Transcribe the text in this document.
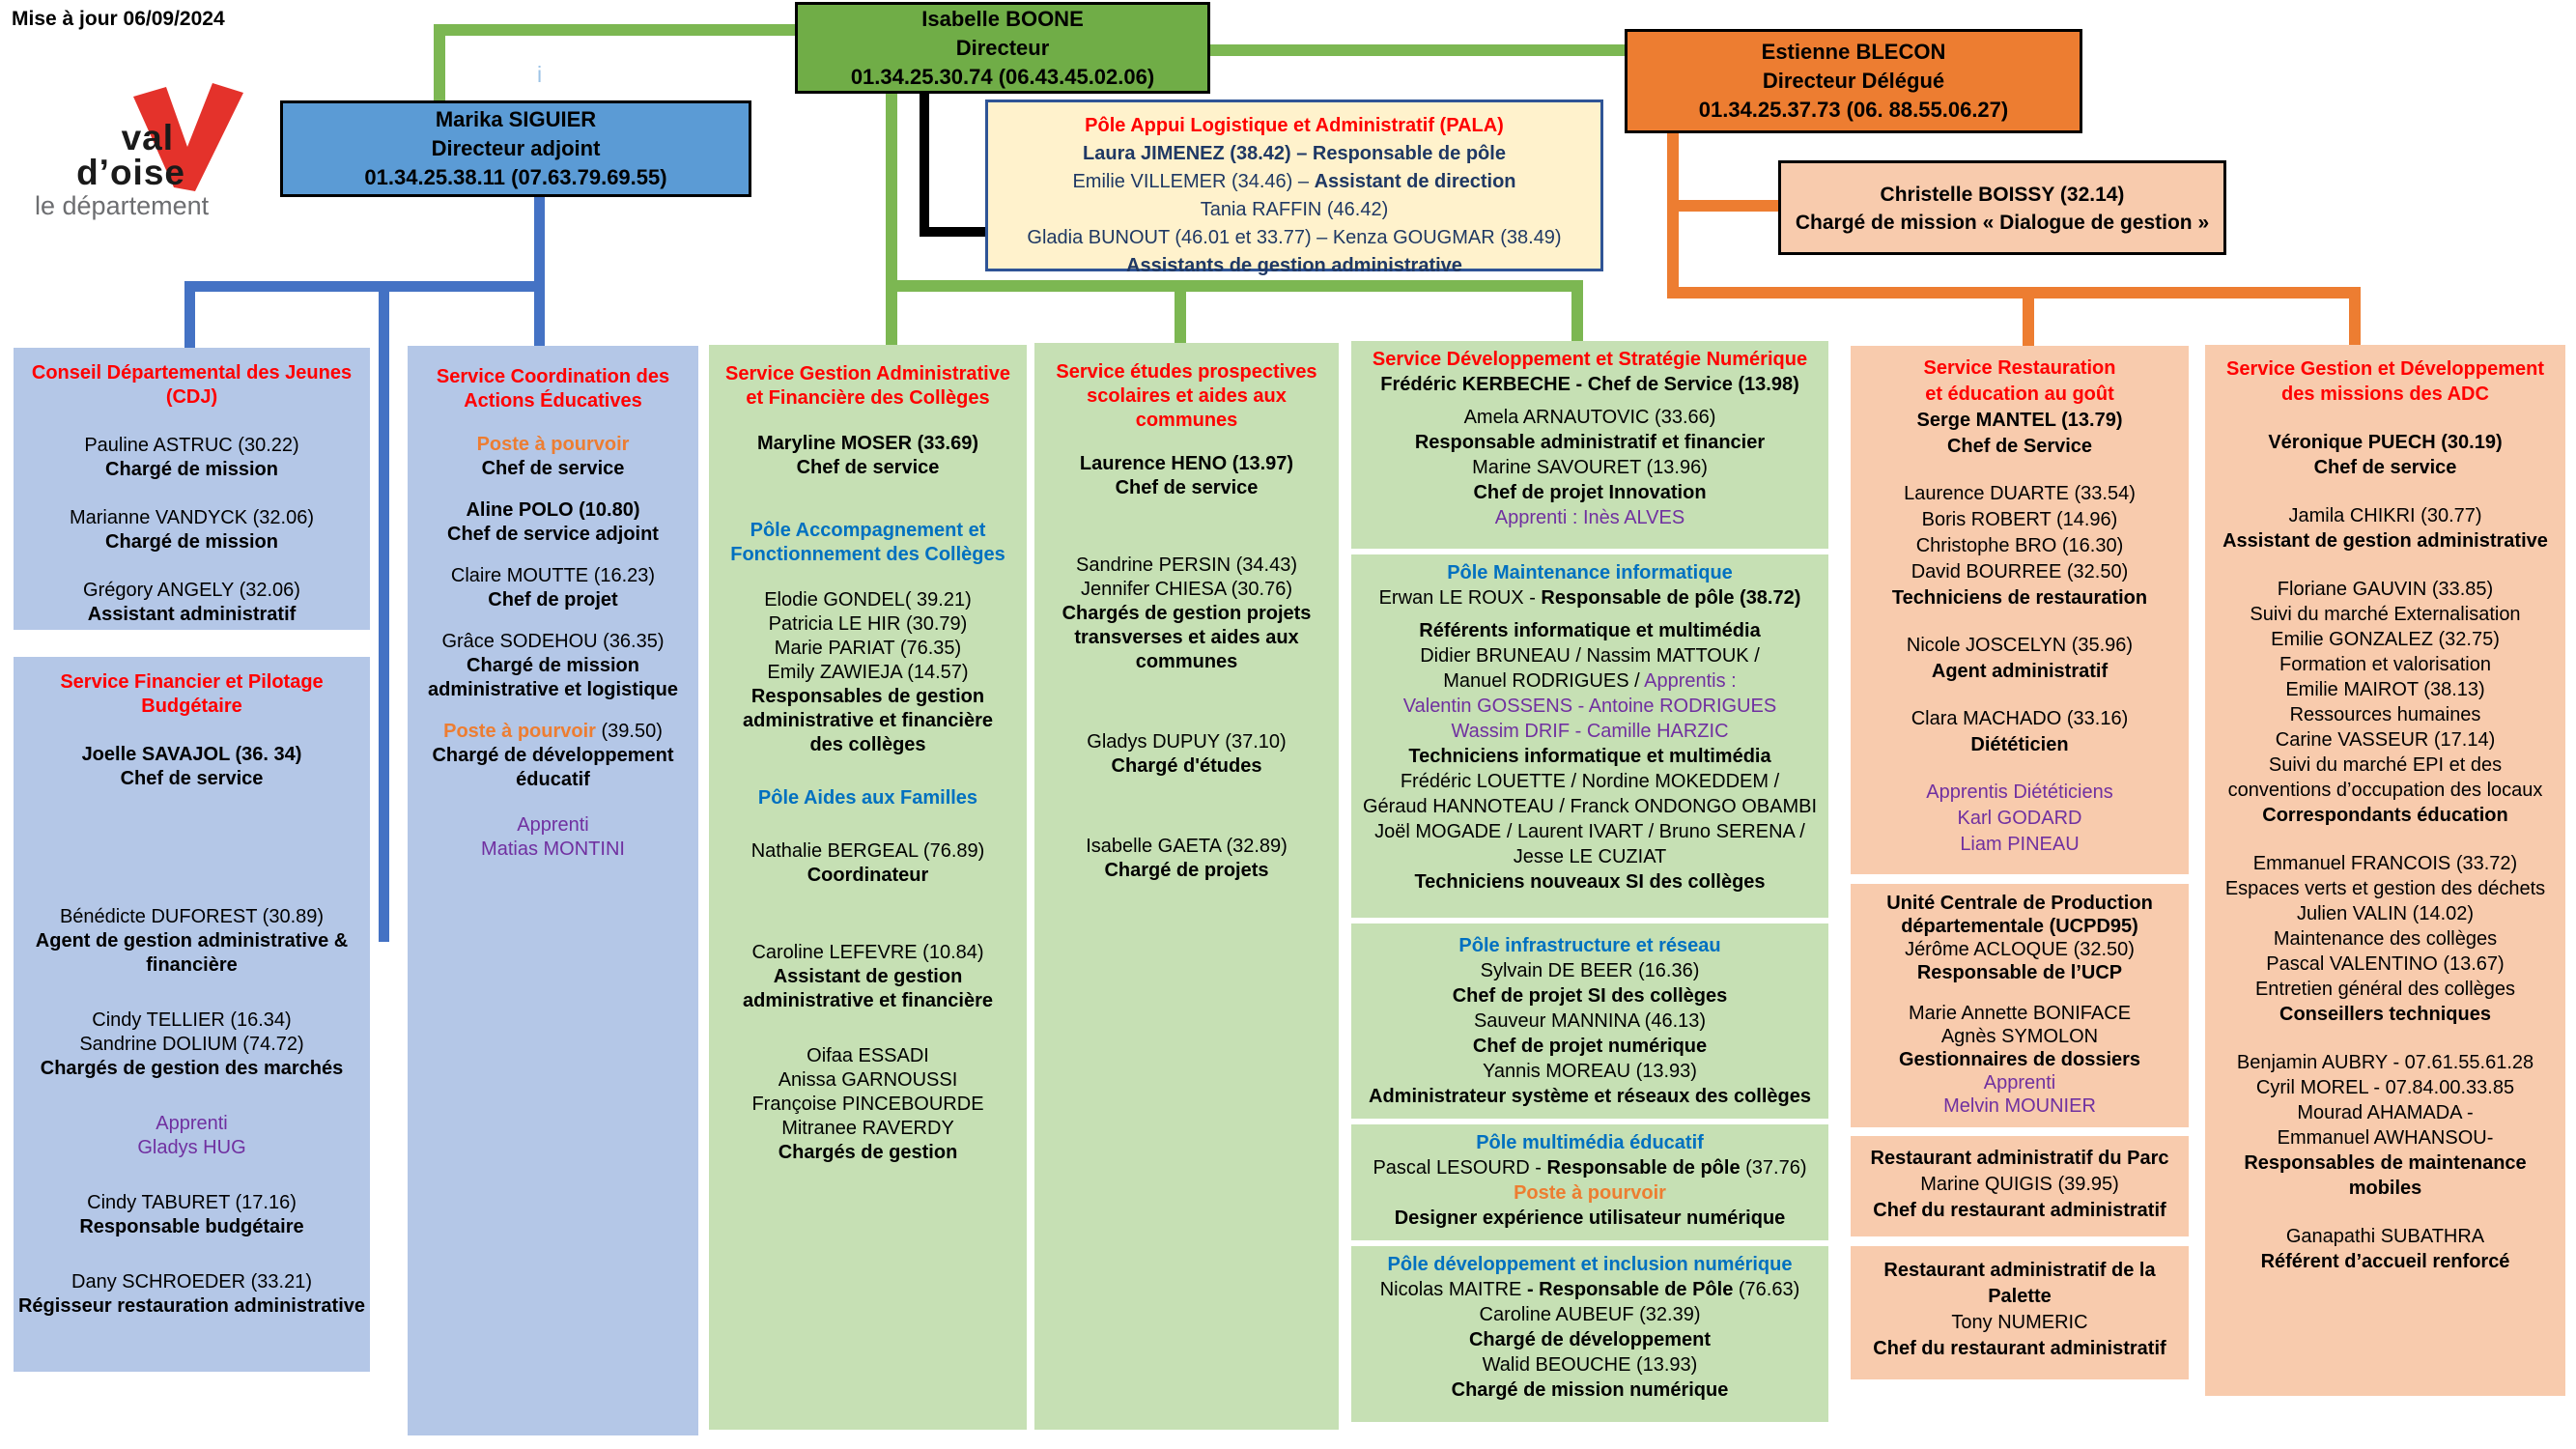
Mise à jour 06/09/2024
i
val
d’oise
le département
Isabelle BOONE
Directeur
01.34.25.30.74 (06.43.45.02.06)
Marika SIGUIER
Directeur adjoint
01.34.25.38.11 (07.63.79.69.55)
Estienne BLECON
Directeur Délégué
01.34.25.37.73 (06. 88.55.06.27)
Pôle Appui Logistique et Administratif (PALA)
Laura JIMENEZ (38.42) – Responsable de pôle
Emilie VILLEMER (34.46) – Assistant de direction
Tania RAFFIN (46.42)
Gladia BUNOUT (46.01 et 33.77) – Kenza GOUGMAR (38.49)
Assistants de gestion administrative
Christelle BOISSY (32.14)
Chargé de mission « Dialogue de gestion »
Conseil Départemental des Jeunes
(CDJ)
Pauline ASTRUC (30.22)
Chargé de mission
Marianne VANDYCK (32.06)
Chargé de mission
Grégory ANGELY (32.06)
Assistant administratif
Service Financier et Pilotage
Budgétaire
Joelle SAVAJOL (36. 34)
Chef de service
Bénédicte DUFOREST (30.89)
Agent de gestion administrative &
financière
Cindy TELLIER (16.34)
Sandrine DOLIUM (74.72)
Chargés de gestion des marchés
Apprenti
Gladys HUG
Cindy TABURET (17.16)
Responsable budgétaire
Dany SCHROEDER (33.21)
Régisseur restauration administrative
Service Coordination des
Actions Éducatives
Poste à pourvoir
Chef de service
Aline POLO (10.80)
Chef de service adjoint
Claire MOUTTE (16.23)
Chef de projet
Grâce SODEHOU (36.35)
Chargé de mission
administrative et logistique
Poste à pourvoir (39.50)
Chargé de développement
éducatif
Apprenti
Matias MONTINI
Service Gestion Administrative
et Financière des Collèges
Maryline MOSER (33.69)
Chef de service
Pôle Accompagnement et
Fonctionnement des Collèges
Elodie GONDEL( 39.21)
Patricia LE HIR (30.79)
Marie PARIAT (76.35)
Emily ZAWIEJA (14.57)
Responsables de gestion
administrative et financière
des collèges
Pôle Aides aux Familles
Nathalie BERGEAL (76.89)
Coordinateur
Caroline LEFEVRE (10.84)
Assistant de gestion
administrative et financière
Oifaa ESSADI
Anissa GARNOUSSI
Françoise PINCEBOURDE
Mitranee RAVERDY
Chargés de gestion
Service études prospectives
scolaires et aides aux
communes
Laurence HENO (13.97)
Chef de service
Sandrine PERSIN (34.43)
Jennifer CHIESA (30.76)
Chargés de gestion projets
transverses et aides aux
communes
Gladys DUPUY (37.10)
Chargé d'études
Isabelle GAETA (32.89)
Chargé de projets
Service Développement et Stratégie Numérique
Frédéric KERBECHE - Chef de Service (13.98)
Amela ARNAUTOVIC (33.66)
Responsable administratif et financier
Marine SAVOURET (13.96)
Chef de projet Innovation
Apprenti : Inès ALVES
Pôle Maintenance informatique
Erwan LE ROUX - Responsable de pôle (38.72)
Référents informatique et multimédia
Didier BRUNEAU / Nassim MATTOUK /
Manuel RODRIGUES / Apprentis :
Valentin GOSSENS - Antoine RODRIGUES
Wassim DRIF - Camille HARZIC
Techniciens informatique et multimédia
Frédéric LOUETTE / Nordine MOKEDDEM /
Géraud HANNOTEAU / Franck ONDONGO OBAMBI
Joël MOGADE / Laurent IVART / Bruno SERENA /
Jesse LE CUZIAT
Techniciens nouveaux SI des collèges
Pôle infrastructure et réseau
Sylvain DE BEER (16.36)
Chef de projet SI des collèges
Sauveur MANNINA (46.13)
Chef de projet numérique
Yannis MOREAU (13.93)
Administrateur système et réseaux des collèges
Pôle multimédia éducatif
Pascal LESOURD - Responsable de pôle (37.76)
Poste à pourvoir
Designer expérience utilisateur numérique
Pôle développement et inclusion numérique
Nicolas MAITRE - Responsable de Pôle (76.63)
Caroline AUBEUF (32.39)
Chargé de développement
Walid BEOUCHE (13.93)
Chargé de mission numérique
Service Restauration
et éducation au goût
Serge MANTEL (13.79)
Chef de Service
Laurence DUARTE (33.54)
Boris ROBERT (14.96)
Christophe BRO (16.30)
David BOURREE (32.50)
Techniciens de restauration
Nicole JOSCELYN (35.96)
Agent administratif
Clara MACHADO (33.16)
Diététicien
Apprentis Diététiciens
Karl GODARD
Liam PINEAU
Unité Centrale de Production
départementale (UCPD95)
Jérôme ACLOQUE (32.50)
Responsable de l’UCP
Marie Annette BONIFACE
Agnès SYMOLON
Gestionnaires de dossiers
Apprenti
Melvin MOUNIER
Restaurant administratif du Parc
Marine QUIGIS (39.95)
Chef du restaurant administratif
Restaurant administratif de la
Palette
Tony NUMERIC
Chef du restaurant administratif
Service Gestion et Développement
des missions des ADC
Véronique PUECH (30.19)
Chef de service
Jamila CHIKRI (30.77)
Assistant de gestion administrative
Floriane GAUVIN (33.85)
Suivi du marché Externalisation
Emilie GONZALEZ (32.75)
Formation et valorisation
Emilie MAIROT (38.13)
Ressources humaines
Carine VASSEUR (17.14)
Suivi du marché EPI et des
conventions d’occupation des locaux
Correspondants éducation
Emmanuel FRANCOIS (33.72)
Espaces verts et gestion des déchets
Julien VALIN (14.02)
Maintenance des collèges
Pascal VALENTINO (13.67)
Entretien général des collèges
Conseillers techniques
Benjamin AUBRY - 07.61.55.61.28
Cyril MOREL - 07.84.00.33.85
Mourad AHAMADA -
Emmanuel AWHANSOU-
Responsables de maintenance
mobiles
Ganapathi SUBATHRA
Référent d’accueil renforcé
